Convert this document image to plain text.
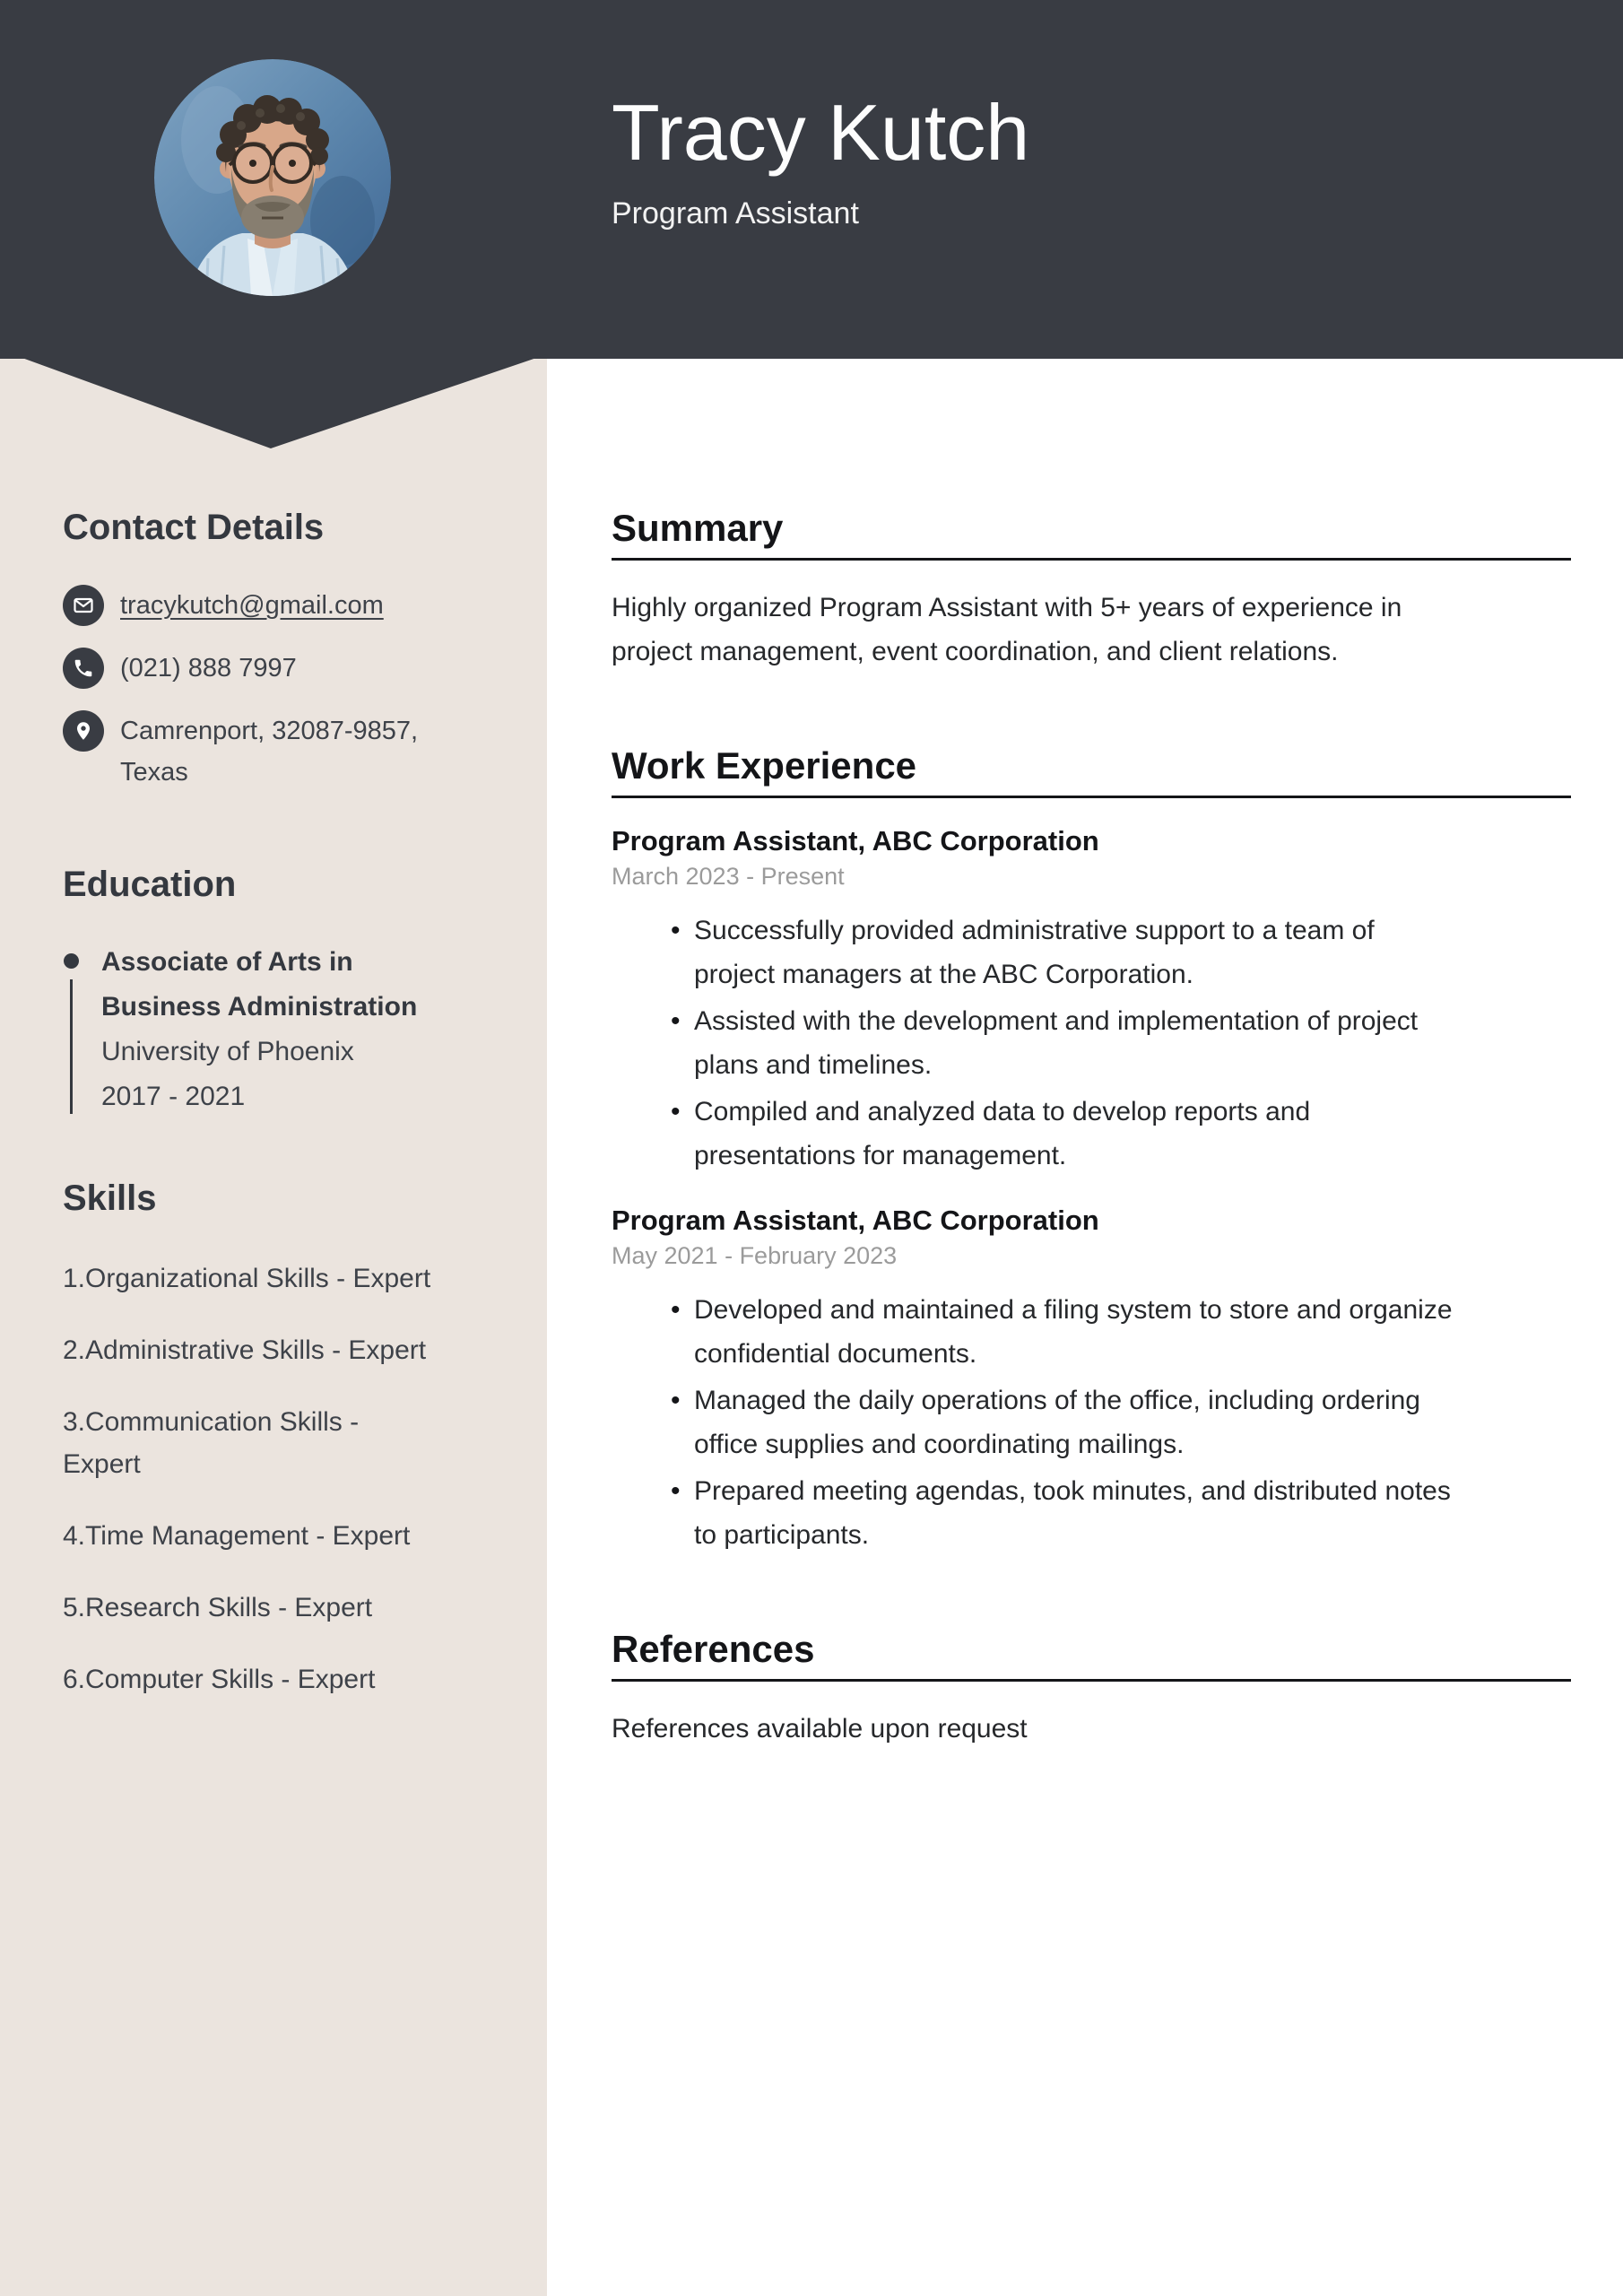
Tracy Kutch
Program Assistant
Contact Details
tracykutch@gmail.com
(021) 888 7997
Camrenport, 32087-9857, Texas
Education
Associate of Arts in Business Administration
University of Phoenix
2017 - 2021
Skills
1.Organizational Skills - Expert
2.Administrative Skills - Expert
3.Communication Skills - Expert
4.Time Management - Expert
5.Research Skills - Expert
6.Computer Skills - Expert
Summary

Highly organized Program Assistant with 5+ years of experience in project management, event coordination, and client relations.

Work Experience
Program Assistant, ABC Corporation
March 2023 - Present
• Successfully provided administrative support to a team of project managers at the ABC Corporation.
• Assisted with the development and implementation of project plans and timelines.
• Compiled and analyzed data to develop reports and presentations for management.
Program Assistant, ABC Corporation
May 2021 - February 2023
• Developed and maintained a filing system to store and organize confidential documents.
• Managed the daily operations of the office, including ordering office supplies and coordinating mailings.
• Prepared meeting agendas, took minutes, and distributed notes to participants.
References

References available upon request
